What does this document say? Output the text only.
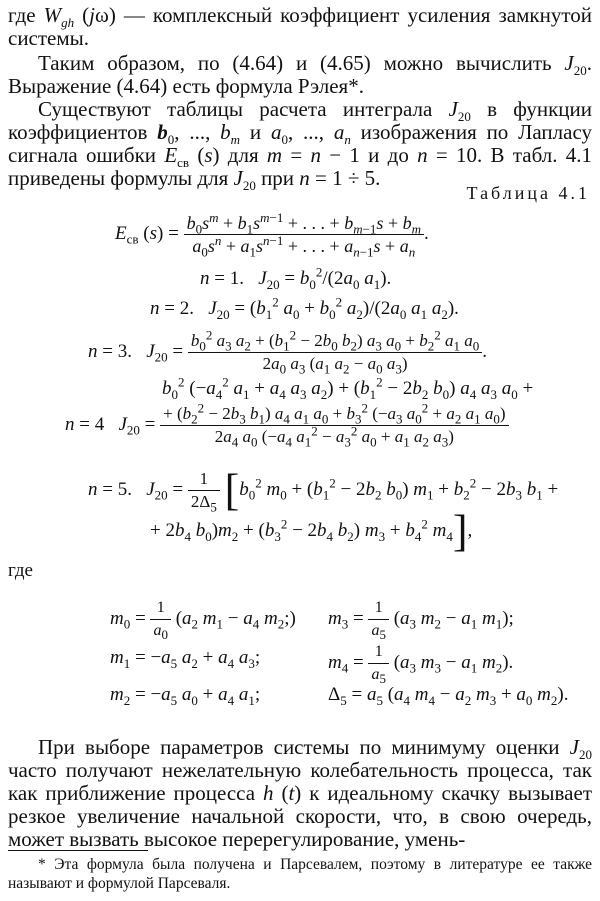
где $W_{gh}$ (jω) — комплексный коэффициент усиления замкнутой системы.

Таким образом, по (4.64) и (4.65) можно вычислить $J_{20}$. Выражение (4.64) есть формула Рэлея*.

Существуют таблицы расчета интеграла $J_{20}$ в функции коэффициентов $b_0$, ..., $b_m$ и $a_0$, ..., $a_n$ изображения по Лапласу сигнала ошибки $E_{св}$ (s) для m = n − 1 и до n = 10. В табл. 4.1 приведены формулы для $J_{20}$ при n = 1 ÷ 5.

Таблица 4.1
$E_{св}$ $(s) = \frac{b_0s^m + b_1s^{m-1} + . . . + b_{m-1}s + b_m}{a_0s^n + a_1s^{n-1} + . . . + a_{n-1}s + a_n}$ .
n = 1.   $J_{20} = b_0^2/(2a_0$ $a_1$).
n = 2.   $J_{20} = (b_1^2$ $a_0 + b_0^2$ $a_2)/(2a_0$ $a_1$ $a_2$).
n = 3.   $J_{20} = \frac{b_0^2 a_3 a_2 + (b_1^2 - 2b_0 b_2) a_3 a_0 + b_2^2 a_1 a_0}{2a_0 a_3 (a_1 a_2 - a_0 a_3)}$ .
$b_0^2$ ($-a_4^2$ $a_1 + a_4$ $a_3$ $a_2) + (b_1^2 - 2b_2$ $b_0$) $a_4$ $a_3$ $a_0$ +
n = 4   $J_{20} = \frac{+ (b_2^2 - 2b_3 b_1) a_4 a_1 a_0 + b_3^2 (-a_3 a_0^2 + a_2 a_1 a_0)}{2a_4 a_0 (-a_4 a_1^2 - a_3^2 a_0 + a_1 a_2 a_3)}$
n = 5.   $J_{20} = \frac{1}{2\Delta_5} [b_0^2$ $m_0 + (b_1^2 - 2b_2$ $b_0$) $m_1 + b_2^2 - 2b_3$ $b_1$ +
+ $2b_4$ $b_0)m_2 + (b_3^2 - 2b_4$ $b_2$) $m_3 + b_4^2$ $m_4$],
где
$m_0 = \frac{1}{a_0} (a_2$ $m_1 - a_4$ $m_2$;) $m_3 = \frac{1}{a_5} (a_3$ $m_2 - a_1$ $m_1$);
$m_1 = -a_5$ $a_2 + a_4$ $a_3$;	$m_4 = \frac{1}{a_5} (a_3$ $m_3 - a_1$ $m_2$).
$m_2 = -a_5$ $a_0 + a_4$ $a_1$;	$\Delta_5 = a_5$ ($a_4$ $m_4 - a_2$ $m_3 + a_0$ $m_2$).

При выборе параметров системы по минимуму оценки $J_{20}$ часто получают нежелательную колебательность процесса, так как приближение процесса h (t) к идеальному скачку вызывает резкое увеличение начальной скорости, что, в свою очередь, может вызвать высокое перерегулирование, умень-

* Эта формула была получена и Парсевалем, поэтому в литературе ее также называют и формулой Парсеваля.
